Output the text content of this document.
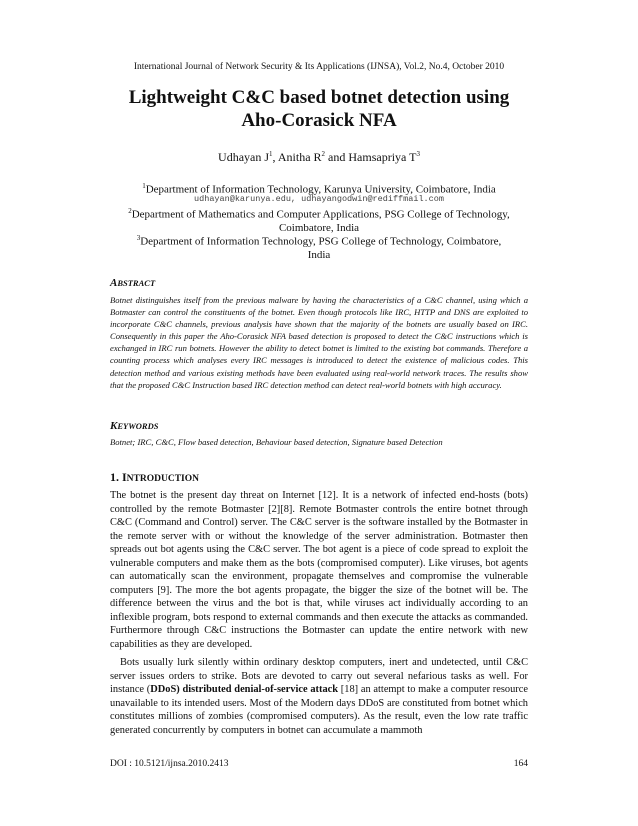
International Journal of Network Security & Its Applications (IJNSA), Vol.2, No.4, October 2010
Lightweight C&C based botnet detection using
Aho-Corasick NFA
Udhayan $J^1$, Anitha $R^2$ and Hamsapriya $T^3$
$^1$Department of Information Technology, Karunya University, Coimbatore, India
udhayan@karunya.edu, udhayangodwin@rediffmail.com
$^2$Department of Mathematics and Computer Applications, PSG College of Technology,
Coimbatore, India
$^3$Department of Information Technology, PSG College of Technology, Coimbatore,
India
ABSTRACT
Botnet distinguishes itself from the previous malware by having the characteristics of a C&C channel, using which a Botmaster can control the constituents of the botnet. Even though protocols like IRC, HTTP and DNS are exploited to incorporate C&C channels, previous analysis have shown that the majority of the botnets are usually based on IRC. Consequently in this paper the Aho-Corasick NFA based detection is proposed to detect the C&C instructions which is exchanged in IRC run botnets. However the ability to detect botnet is limited to the existing bot commands. Therefore a counting process which analyses every IRC messages is introduced to detect the existence of malicious codes. This detection method and various existing methods have been evaluated using real-world network traces. The results show that the proposed C&C Instruction based IRC detection method can detect real-world botnets with high accuracy.
KEYWORDS
Botnet; IRC, C&C, Flow based detection, Behaviour based detection, Signature based Detection
1. INTRODUCTION

The botnet is the present day threat on Internet [12]. It is a network of infected end-hosts (bots) controlled by the remote Botmaster [2][8]. Remote Botmaster controls the entire botnet through C&C (Command and Control) server. The C&C server is the software installed by the Botmaster in the remote server with or without the knowledge of the server administration. Botmaster then spreads out bot agents using the C&C server. The bot agent is a piece of code spread to exploit the vulnerable computers and make them as the bots (compromised computer). Like viruses, bot agents can automatically scan the environment, propagate themselves and compromise the vulnerable computers [9]. The more the bot agents propagate, the bigger the size of the botnet will be. The difference between the virus and the bot is that, while viruses act individually according to an inflexible program, bots respond to external commands and then execute the attacks as commanded. Furthermore through C&C instructions the Botmaster can update the entire network with new capabilities as they are developed.

Bots usually lurk silently within ordinary desktop computers, inert and undetected, until C&C server issues orders to strike. Bots are devoted to carry out several nefarious tasks as well. For instance (DDoS) distributed denial-of-service attack [18] an attempt to make a computer resource unavailable to its intended users. Most of the Modern days DDoS are constituted from botnet which constitutes millions of zombies (compromised computers). As the result, even the low rate traffic generated concurrently by computers in botnet can accumulate a mammoth

DOI : 10.5121/ijnsa.2010.2413	164
